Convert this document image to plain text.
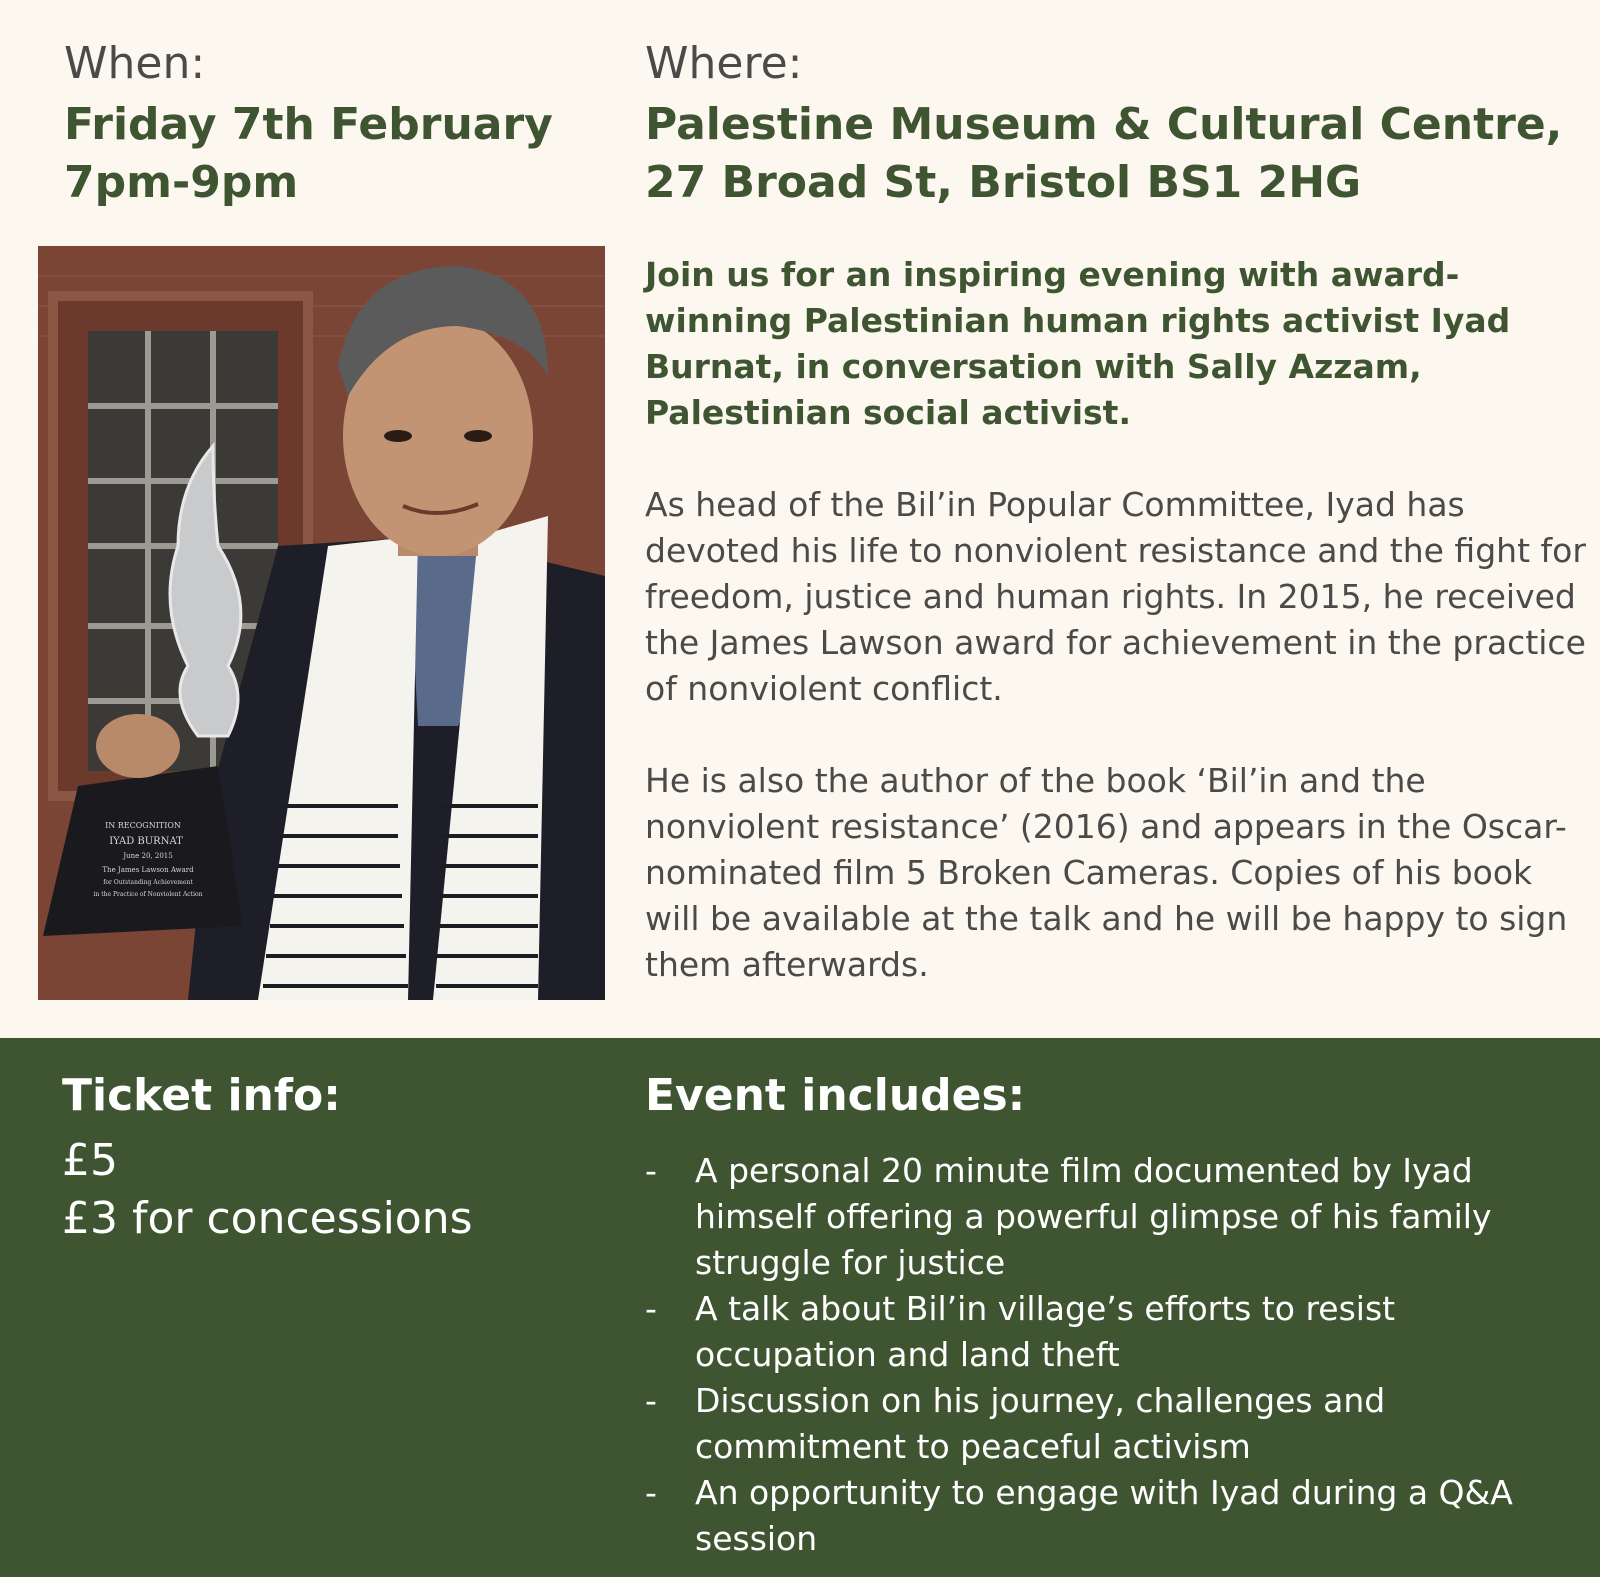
When:
Friday 7th February
7pm-9pm
Where:
Palestine Museum & Cultural Centre,
27 Broad St, Bristol BS1 2HG
IN RECOGNITION
IYAD BURNAT
June 20, 2015
The James Lawson Award
for Outstanding Achievement
in the Practice of Nonviolent Action
Join us for an inspiring evening with award-winning Palestinian human rights activist Iyad Burnat, in conversation with Sally Azzam, Palestinian social activist.
As head of the Bil’in Popular Committee, Iyad has devoted his life to nonviolent resistance and the fight for freedom, justice and human rights. In 2015, he received the James Lawson award for achievement in the practice of nonviolent conflict.
He is also the author of the book ‘Bil’in and the nonviolent resistance’ (2016) and appears in the Oscar-nominated film 5 Broken Cameras. Copies of his book will be available at the talk and he will be happy to sign them afterwards.
Ticket info:
£5
£3 for concessions
Event includes:
-	A personal 20 minute film documented by Iyad himself offering a powerful glimpse of his family struggle for justice
-	A talk about Bil’in village’s efforts to resist occupation and land theft
-	Discussion on his journey, challenges and commitment to peaceful activism
-	An opportunity to engage with Iyad during a Q&A session
